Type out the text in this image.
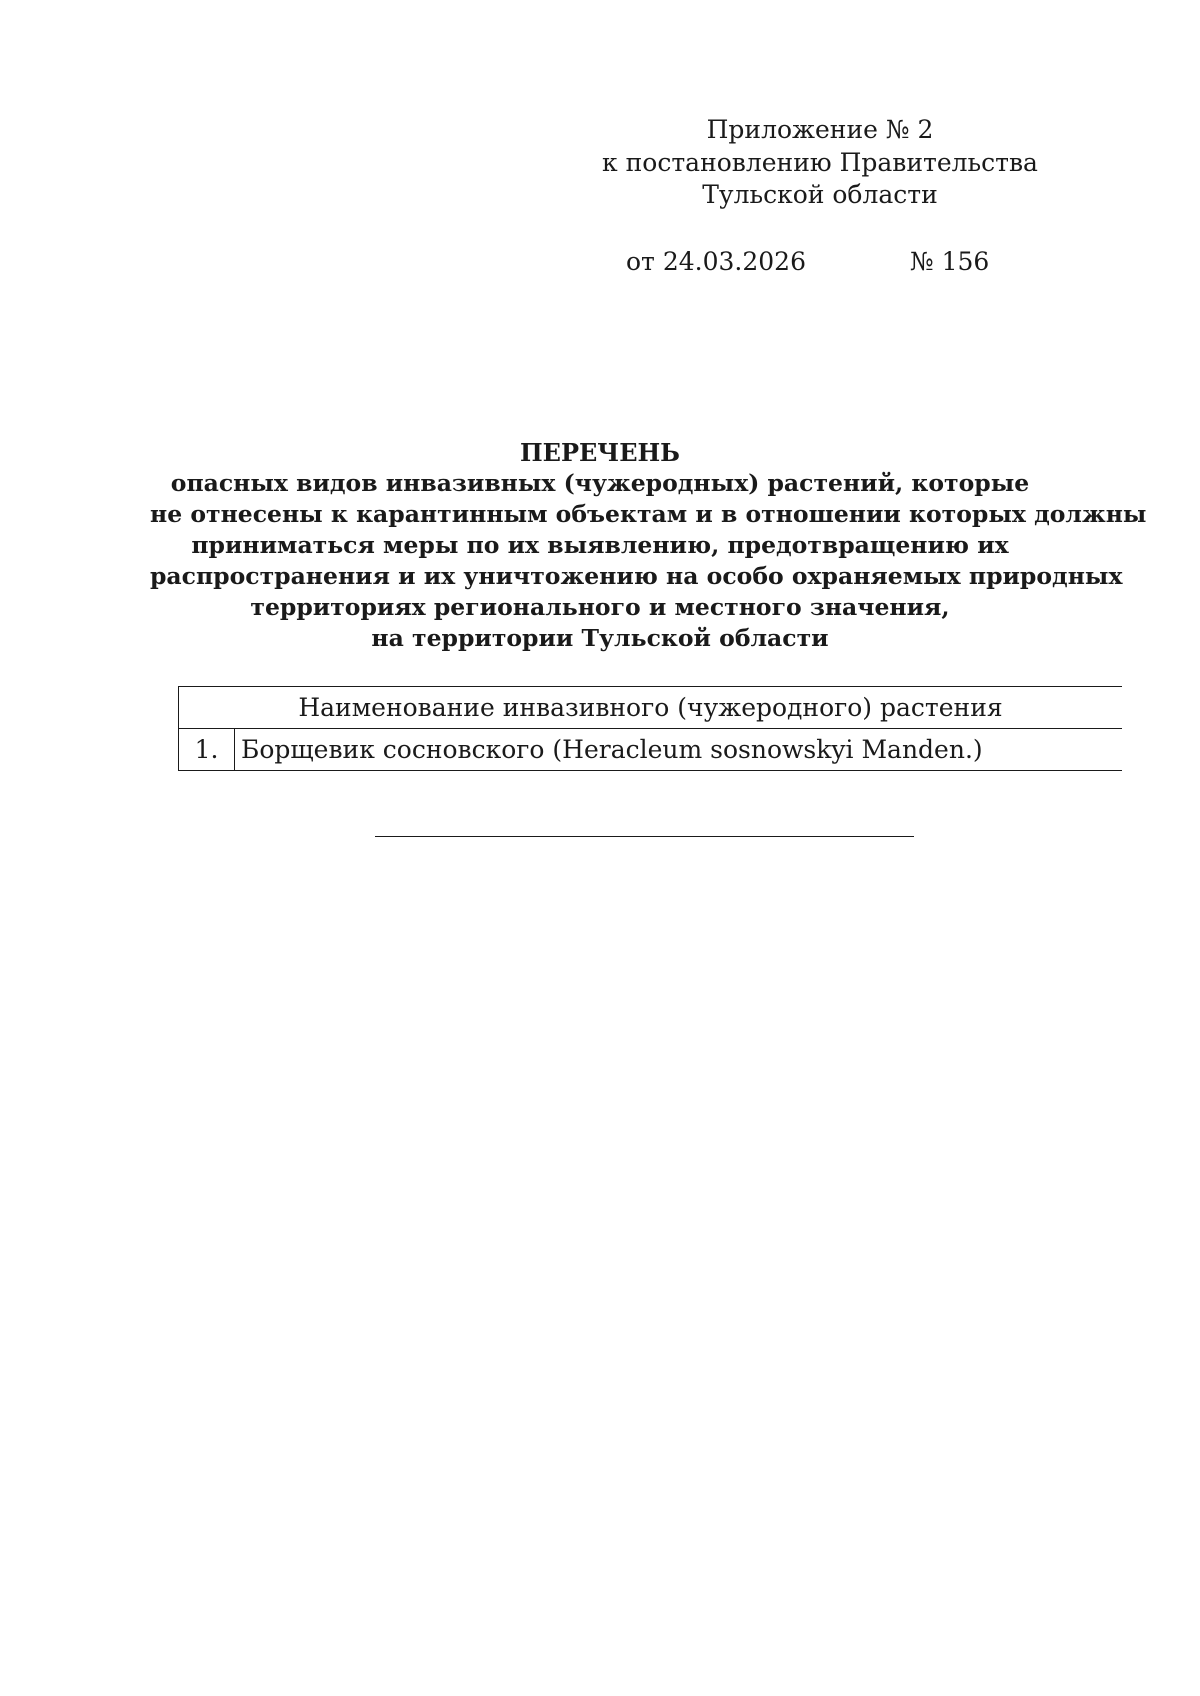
Приложение № 2
к постановлению Правительства
Тульской области
от 24.03.2026	№ 156
ПЕРЕЧЕНЬ
опасных видов инвазивных (чужеродных) растений, которые
не отнесены к карантинным объектам и в отношении которых должны
приниматься меры по их выявлению, предотвращению их
распространения и их уничтожению на особо охраняемых природных
территориях регионального и местного значения,
на территории Тульской области
Наименование инвазивного (чужеродного) растения
1.	Борщевик сосновского (Heracleum sosnowskyi Manden.)
